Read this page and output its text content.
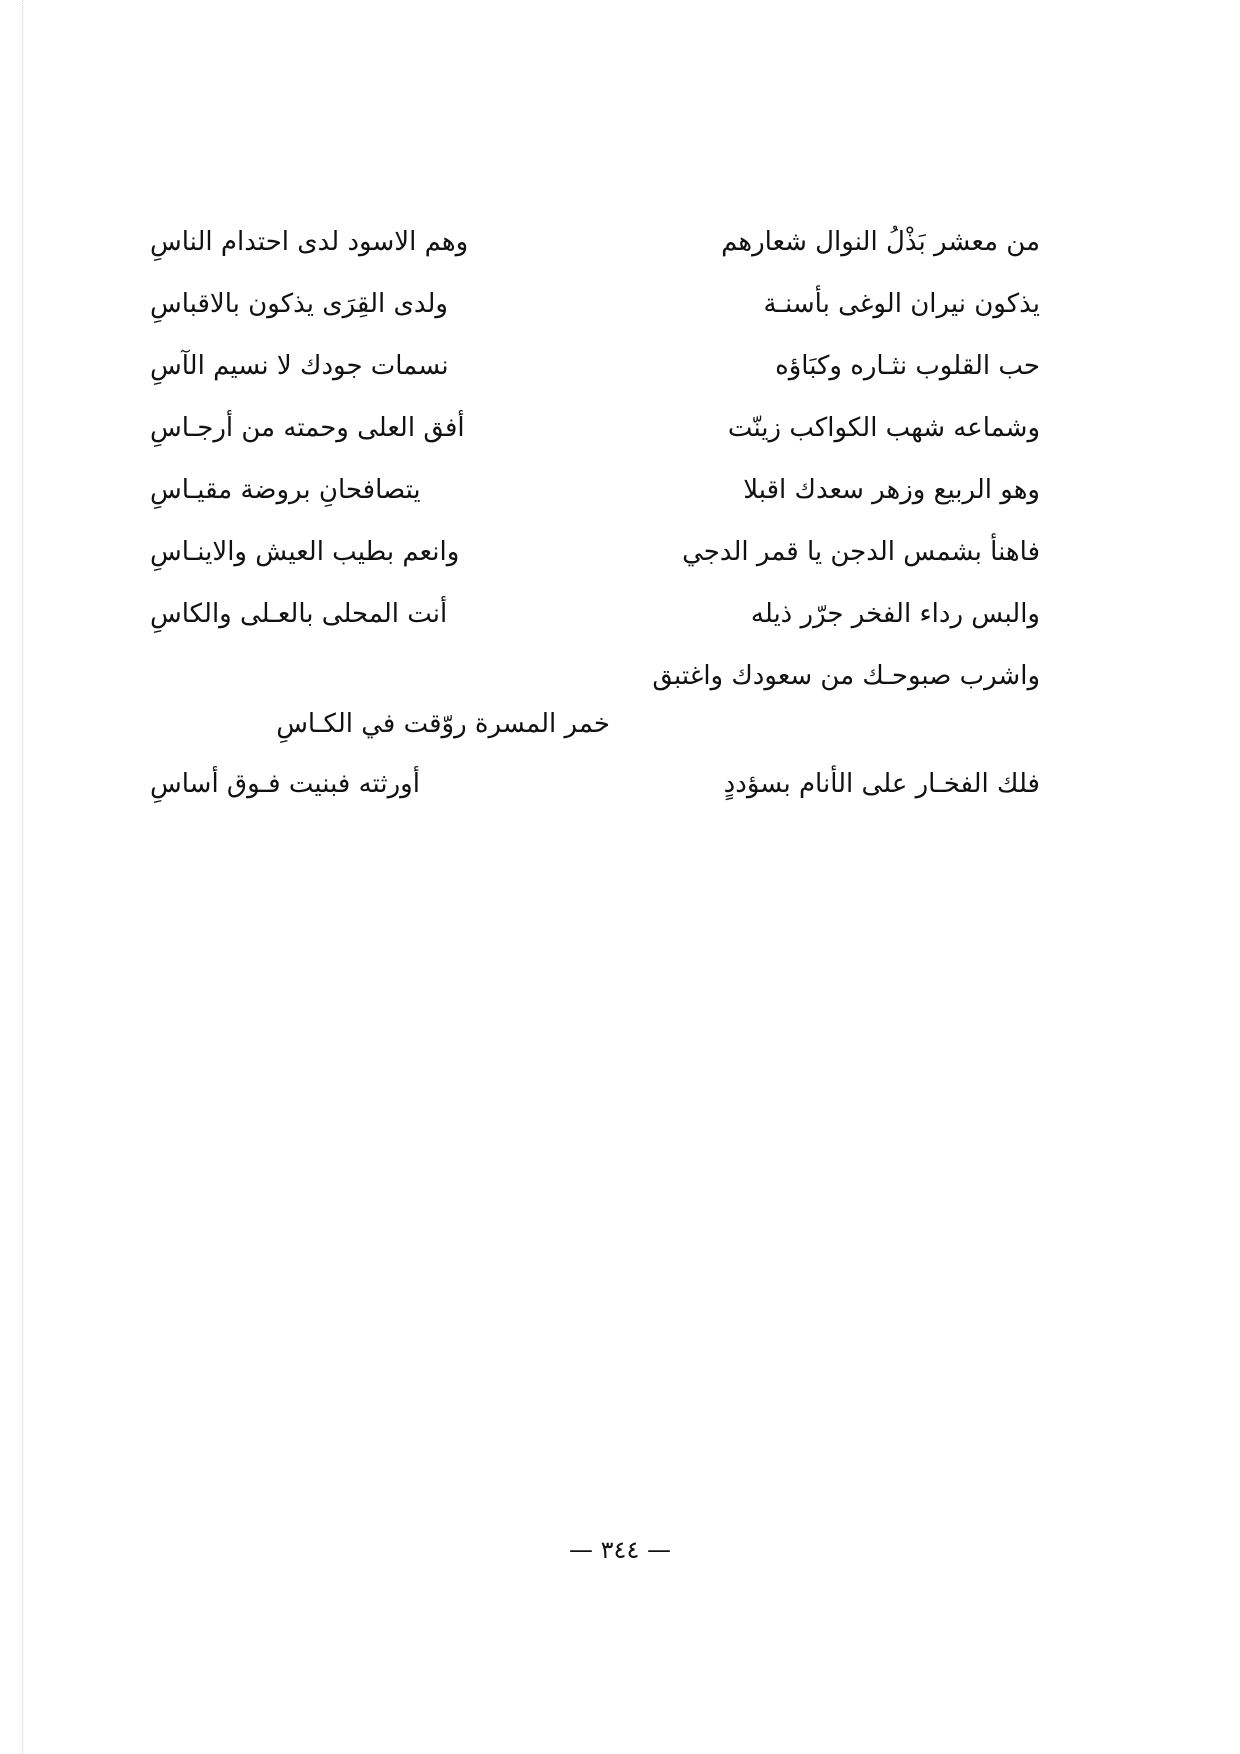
من معشر بَذْلُ النوال شعارهم
وهم الاسود لدى احتدام الناسِ
يذكون نيران الوغى بأسنـة
ولدى القِرَى يذكون بالاقباسِ
حب القلوب نثـاره وكبَاؤه
نسمات جودك لا نسيم الآسِ
وشماعه شهب الكواكب زينّت
أفق العلى وحمته من أرجـاسِ
وهو الربيع وزهر سعدك اقبلا
يتصافحانِ بروضة مقيـاسِ
فاهنأ بشمس الدجن يا قمر الدجي
وانعم بطيب العيش والاينـاسِ
والبس رداء الفخر جرّر ذيله
أنت المحلى بالعـلى والكاسِ
واشرب صبوحـك من سعودك واغتبق
خمر المسرة روّقت في الكـاسِ
فلك الفخـار على الأنام بسؤددٍ
أورثته فبنيت فـوق أساسِ
— ٣٤٤ —
